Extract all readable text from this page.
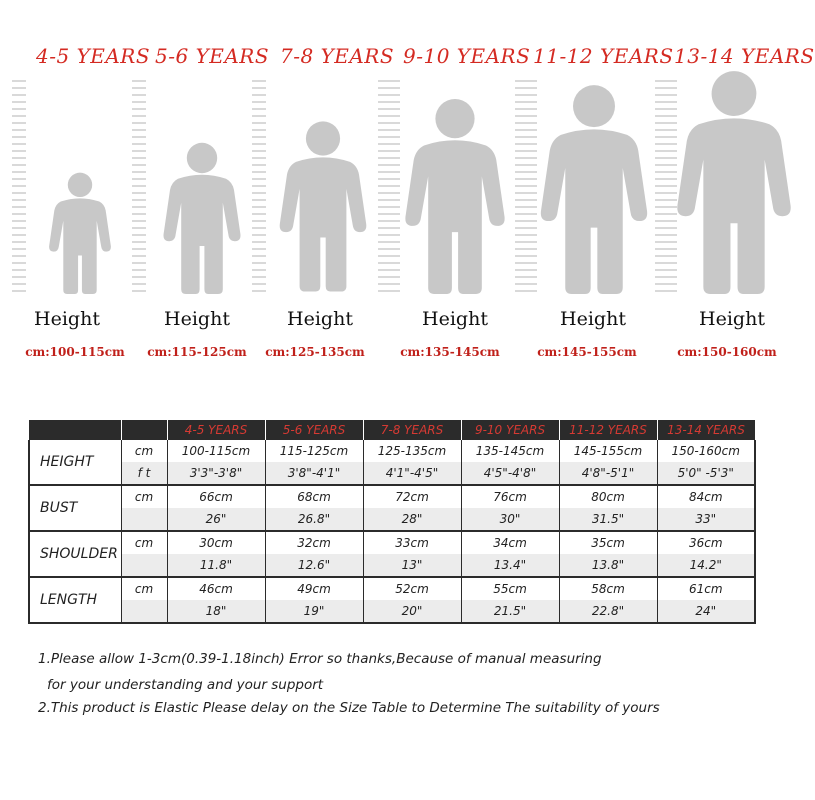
4-5 YEARS 5-6 YEARS 7-8 YEARS 9-10 YEARS 11-12 YEARS 13-14 YEARS
Height	Height	Height	Height	Height	Height
cm:100-115cm	cm:115-125cm	cm:125-135cm	cm:135-145cm	cm:145-155cm	cm:150-160cm
		4-5 YEARS	5-6 YEARS	7-8 YEARS	9-10 YEARS	11-12 YEARS	13-14 YEARS
HEIGHT	cm	100-115cm	115-125cm	125-135cm	135-145cm	145-155cm	150-160cm
	f t	3'3"-3'8"	3'8"-4'1"	4'1"-4'5"	4'5"-4'8"	4'8"-5'1"	5'0" -5'3"
BUST	cm	66cm	68cm	72cm	76cm	80cm	84cm
		26"	26.8"	28"	30"	31.5"	33"
SHOULDER	cm	30cm	32cm	33cm	34cm	35cm	36cm
		11.8"	12.6"	13"	13.4"	13.8"	14.2"
LENGTH	cm	46cm	49cm	52cm	55cm	58cm	61cm
		18"	19"	20"	21.5"	22.8"	24"
1.Please allow 1-3cm(0.39-1.18inch) Error so thanks,Because of manual measuring
for your understanding and your support
2.This product is Elastic Please delay on the Size Table to Determine The suitability of yours
